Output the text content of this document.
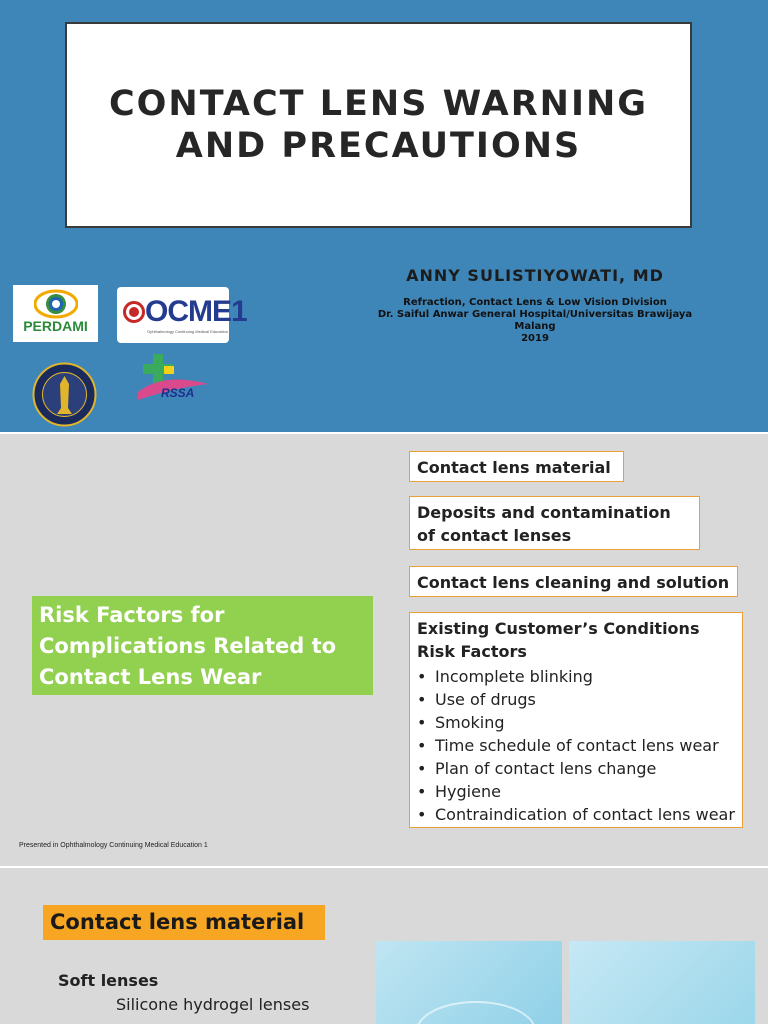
CONTACT LENS WARNING
AND PRECAUTIONS
ANNY SULISTIYOWATI, MD
Refraction, Contact Lens & Low Vision Division
Dr. Saiful Anwar General Hospital/Universitas Brawijaya
Malang
2019
PERDAMI	OCME1
Ophthalmology Continuing Medical Education
RSSA
Risk Factors for
Complications Related to
Contact Lens Wear
Contact lens material
Deposits and contamination of contact lenses
Contact lens cleaning and solution
Existing Customer’s Conditions
Risk Factors
• Incomplete blinking
• Use of drugs
• Smoking
• Time schedule of contact lens wear
• Plan of contact lens change
• Hygiene
• Contraindication of contact lens wear
Presented in Ophthalmology Continuing Medical Education 1
Contact lens material
Soft lenses
Silicone hydrogel lenses
